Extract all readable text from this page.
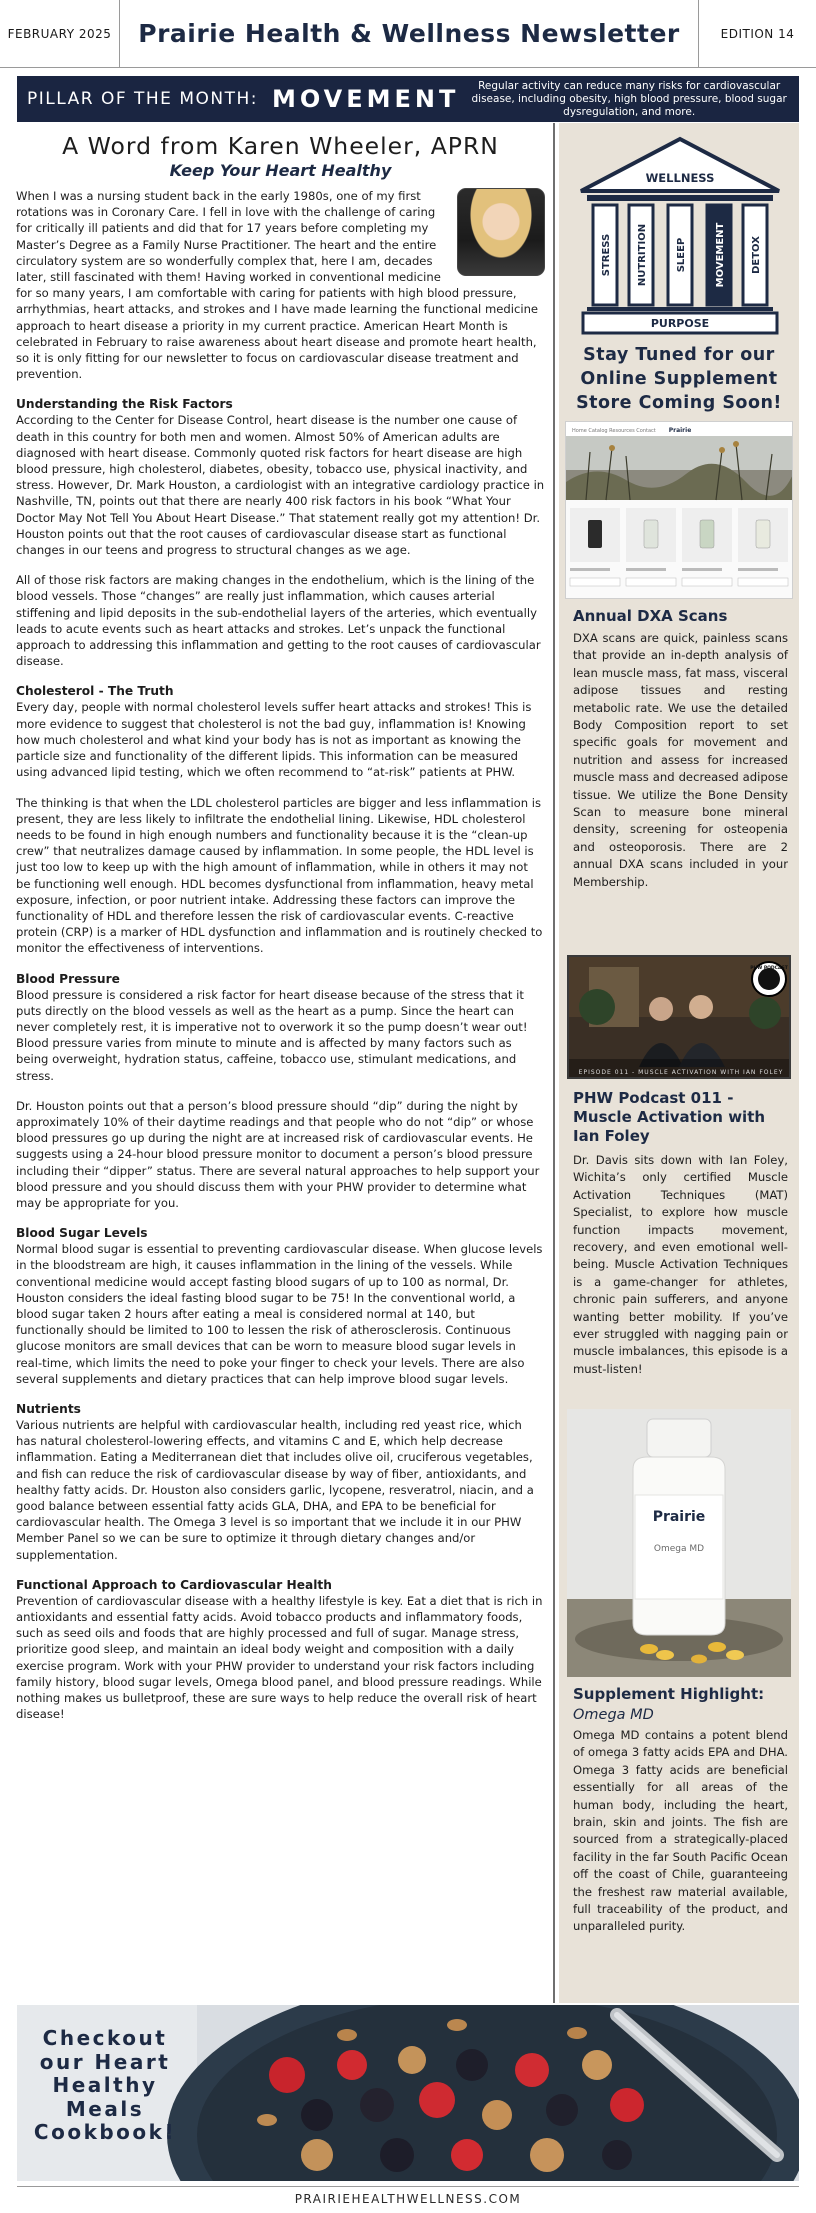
FEBRUARY 2025	Prairie Health & Wellness Newsletter	EDITION 14
PILLAR OF THE MONTH: MOVEMENT	Regular activity can reduce many risks for cardiovascular disease, including obesity, high blood pressure, blood sugar dysregulation, and more.
A Word from Karen Wheeler, APRN
Keep Your Heart Healthy

When I was a nursing student back in the early 1980s, one of my first rotations was in Coronary Care. I fell in love with the challenge of caring for critically ill patients and did that for 17 years before completing my Master’s Degree as a Family Nurse Practitioner. The heart and the entire circulatory system are so wonderfully complex that, here I am, decades later, still fascinated with them! Having worked in conventional medicine for so many years, I am comfortable with caring for patients with high blood pressure, arrhythmias, heart attacks, and strokes and I have made learning the functional medicine approach to heart disease a priority in my current practice. American Heart Month is celebrated in February to raise awareness about heart disease and promote heart health, so it is only fitting for our newsletter to focus on cardiovascular disease treatment and prevention.

Understanding the Risk Factors

According to the Center for Disease Control, heart disease is the number one cause of death in this country for both men and women. Almost 50% of American adults are diagnosed with heart disease. Commonly quoted risk factors for heart disease are high blood pressure, high cholesterol, diabetes, obesity, tobacco use, physical inactivity, and stress. However, Dr. Mark Houston, a cardiologist with an integrative cardiology practice in Nashville, TN, points out that there are nearly 400 risk factors in his book “What Your Doctor May Not Tell You About Heart Disease.” That statement really got my attention! Dr. Houston points out that the root causes of cardiovascular disease start as functional changes in our teens and progress to structural changes as we age.

All of those risk factors are making changes in the endothelium, which is the lining of the blood vessels. Those “changes” are really just inflammation, which causes arterial stiffening and lipid deposits in the sub-endothelial layers of the arteries, which eventually leads to acute events such as heart attacks and strokes. Let’s unpack the functional approach to addressing this inflammation and getting to the root causes of cardiovascular disease.

Cholesterol - The Truth

Every day, people with normal cholesterol levels suffer heart attacks and strokes! This is more evidence to suggest that cholesterol is not the bad guy, inflammation is! Knowing how much cholesterol and what kind your body has is not as important as knowing the particle size and functionality of the different lipids. This information can be measured using advanced lipid testing, which we often recommend to “at-risk” patients at PHW.

The thinking is that when the LDL cholesterol particles are bigger and less inflammation is present, they are less likely to infiltrate the endothelial lining. Likewise, HDL cholesterol needs to be found in high enough numbers and functionality because it is the “clean-up crew” that neutralizes damage caused by inflammation. In some people, the HDL level is just too low to keep up with the high amount of inflammation, while in others it may not be functioning well enough. HDL becomes dysfunctional from inflammation, heavy metal exposure, infection, or poor nutrient intake. Addressing these factors can improve the functionality of HDL and therefore lessen the risk of cardiovascular events. C-reactive protein (CRP) is a marker of HDL dysfunction and inflammation and is routinely checked to monitor the effectiveness of interventions.

Blood Pressure

Blood pressure is considered a risk factor for heart disease because of the stress that it puts directly on the blood vessels as well as the heart as a pump. Since the heart can never completely rest, it is imperative not to overwork it so the pump doesn’t wear out! Blood pressure varies from minute to minute and is affected by many factors such as being overweight, hydration status, caffeine, tobacco use, stimulant medications, and stress.

Dr. Houston points out that a person’s blood pressure should “dip” during the night by approximately 10% of their daytime readings and that people who do not “dip” or whose blood pressures go up during the night are at increased risk of cardiovascular events. He suggests using a 24-hour blood pressure monitor to document a person’s blood pressure including their “dipper” status. There are several natural approaches to help support your blood pressure and you should discuss them with your PHW provider to determine what may be appropriate for you.

Blood Sugar Levels

Normal blood sugar is essential to preventing cardiovascular disease. When glucose levels in the bloodstream are high, it causes inflammation in the lining of the vessels. While conventional medicine would accept fasting blood sugars of up to 100 as normal, Dr. Houston considers the ideal fasting blood sugar to be 75! In the conventional world, a blood sugar taken 2 hours after eating a meal is considered normal at 140, but functionally should be limited to 100 to lessen the risk of atherosclerosis. Continuous glucose monitors are small devices that can be worn to measure blood sugar levels in real-time, which limits the need to poke your finger to check your levels. There are also several supplements and dietary practices that can help improve blood sugar levels.

Nutrients

Various nutrients are helpful with cardiovascular health, including red yeast rice, which has natural cholesterol-lowering effects, and vitamins C and E, which help decrease inflammation. Eating a Mediterranean diet that includes olive oil, cruciferous vegetables, and fish can reduce the risk of cardiovascular disease by way of fiber, antioxidants, and healthy fatty acids. Dr. Houston also considers garlic, lycopene, resveratrol, niacin, and a good balance between essential fatty acids GLA, DHA, and EPA to be beneficial for cardiovascular health. The Omega 3 level is so important that we include it in our PHW Member Panel so we can be sure to optimize it through dietary changes and/or supplementation.

Functional Approach to Cardiovascular Health

Prevention of cardiovascular disease with a healthy lifestyle is key. Eat a diet that is rich in antioxidants and essential fatty acids. Avoid tobacco products and inflammatory foods, such as seed oils and foods that are highly processed and full of sugar. Manage stress, prioritize good sleep, and maintain an ideal body weight and composition with a daily exercise program. Work with your PHW provider to understand your risk factors including family history, blood sugar levels, Omega blood panel, and blood pressure readings. While nothing makes us bulletproof, these are sure ways to help reduce the overall risk of heart disease!

WELLNESS
STRESS	NUTRITION	SLEEP	MOVEMENT	DETOX
PURPOSE
Stay Tuned for our Online Supplement Store Coming Soon!
Home Catalog Resources Contact Prairie
Annual DXA Scans

DXA scans are quick, painless scans that provide an in-depth analysis of lean muscle mass, fat mass, visceral adipose tissues and resting metabolic rate. We use the detailed Body Composition report to set specific goals for movement and nutrition and assess for increased muscle mass and decreased adipose tissue. We utilize the Bone Density Scan to measure bone mineral density, screening for osteopenia and osteoporosis. There are 2 annual DXA scans included in your Membership.

PHW PODCAST
EPISODE 011 - MUSCLE ACTIVATION WITH IAN FOLEY
PHW Podcast 011 - Muscle Activation with Ian Foley

Dr. Davis sits down with Ian Foley, Wichita’s only certified Muscle Activation Techniques (MAT) Specialist, to explore how muscle function impacts movement, recovery, and even emotional well-being. Muscle Activation Techniques is a game-changer for athletes, chronic pain sufferers, and anyone wanting better mobility. If you’ve ever struggled with nagging pain or muscle imbalances, this episode is a must-listen!

Prairie
Omega MD
Supplement Highlight:
Omega MD

Omega MD contains a potent blend of omega 3 fatty acids EPA and DHA. Omega 3 fatty acids are beneficial essentially for all areas of the human body, including the heart, brain, skin and joints. The fish are sourced from a strategically-placed facility in the far South Pacific Ocean off the coast of Chile, guaranteeing the freshest raw material available, full traceability of the product, and unparalleled purity.

Checkout our Heart Healthy Meals Cookbook!
PRAIRIEHEALTHWELLNESS.COM
